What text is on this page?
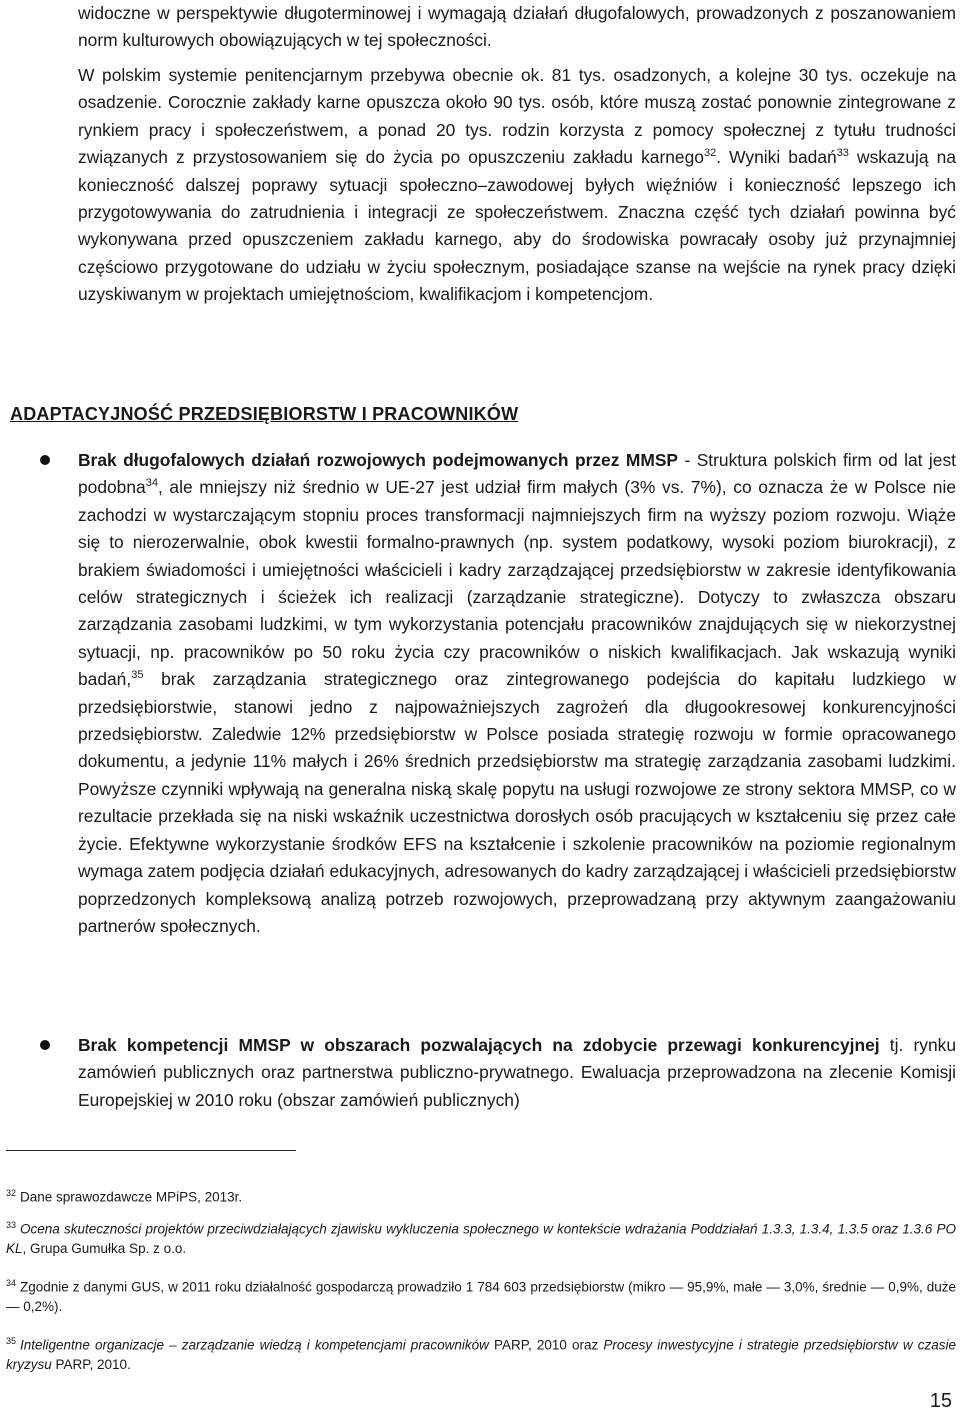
widoczne w perspektywie długoterminowej i wymagają działań długofalowych, prowadzonych z poszanowaniem norm kulturowych obowiązujących w tej społeczności.

W polskim systemie penitencjarnym przebywa obecnie ok. 81 tys. osadzonych, a kolejne 30 tys. oczekuje na osadzenie. Corocznie zakłady karne opuszcza około 90 tys. osób, które muszą zostać ponownie zintegrowane z rynkiem pracy i społeczeństwem, a ponad 20 tys. rodzin korzysta z pomocy społecznej z tytułu trudności związanych z przystosowaniem się do życia po opuszczeniu zakładu karnego$^{32}$. Wyniki badań$^{33}$ wskazują na konieczność dalszej poprawy sytuacji społeczno–zawodowej byłych więźniów i konieczność lepszego ich przygotowywania do zatrudnienia i integracji ze społeczeństwem. Znaczna część tych działań powinna być wykonywana przed opuszczeniem zakładu karnego, aby do środowiska powracały osoby już przynajmniej częściowo przygotowane do udziału w życiu społecznym, posiadające szanse na wejście na rynek pracy dzięki uzyskiwanym w projektach umiejętnościom, kwalifikacjom i kompetencjom.

ADAPTACYJNOŚĆ PRZEDSIĘBIORSTW I PRACOWNIKÓW

Brak długofalowych działań rozwojowych podejmowanych przez MMSP - Struktura polskich firm od lat jest podobna$^{34}$, ale mniejszy niż średnio w UE-27 jest udział firm małych (3% vs. 7%), co oznacza że w Polsce nie zachodzi w wystarczającym stopniu proces transformacji najmniejszych firm na wyższy poziom rozwoju. Wiąże się to nierozerwalnie, obok kwestii formalno-prawnych (np. system podatkowy, wysoki poziom biurokracji), z brakiem świadomości i umiejętności właścicieli i kadry zarządzającej przedsiębiorstw w zakresie identyfikowania celów strategicznych i ścieżek ich realizacji (zarządzanie strategiczne). Dotyczy to zwłaszcza obszaru zarządzania zasobami ludzkimi, w tym wykorzystania potencjału pracowników znajdujących się w niekorzystnej sytuacji, np. pracowników po 50 roku życia czy pracowników o niskich kwalifikacjach. Jak wskazują wyniki badań,$^{35}$ brak zarządzania strategicznego oraz zintegrowanego podejścia do kapitału ludzkiego w przedsiębiorstwie, stanowi jedno z najpoważniejszych zagrożeń dla długookresowej konkurencyjności przedsiębiorstw. Zaledwie 12% przedsiębiorstw w Polsce posiada strategię rozwoju w formie opracowanego dokumentu, a jedynie 11% małych i 26% średnich przedsiębiorstw ma strategię zarządzania zasobami ludzkimi. Powyższe czynniki wpływają na generalna niską skalę popytu na usługi rozwojowe ze strony sektora MMSP, co w rezultacie przekłada się na niski wskaźnik uczestnictwa dorosłych osób pracujących w kształceniu się przez całe życie. Efektywne wykorzystanie środków EFS na kształcenie i szkolenie pracowników na poziomie regionalnym wymaga zatem podjęcia działań edukacyjnych, adresowanych do kadry zarządzającej i właścicieli przedsiębiorstw poprzedzonych kompleksową analizą potrzeb rozwojowych, przeprowadzaną przy aktywnym zaangażowaniu partnerów społecznych.

Brak kompetencji MMSP w obszarach pozwalających na zdobycie przewagi konkurencyjnej tj. rynku zamówień publicznych oraz partnerstwa publiczno-prywatnego. Ewaluacja przeprowadzona na zlecenie Komisji Europejskiej w 2010 roku (obszar zamówień publicznych)

$^{32}$ Dane sprawozdawcze MPiPS, 2013r.

$^{33}$ Ocena skuteczności projektów przeciwdziałających zjawisku wykluczenia społecznego w kontekście wdrażania Poddziałań 1.3.3, 1.3.4, 1.3.5 oraz 1.3.6 PO KL, Grupa Gumułka Sp. z o.o.

$^{34}$ Zgodnie z danymi GUS, w 2011 roku działalność gospodarczą prowadziło 1 784 603 przedsiębiorstw (mikro — 95,9%, małe — 3,0%, średnie — 0,9%, duże — 0,2%).

$^{35}$ Inteligentne organizacje – zarządzanie wiedzą i kompetencjami pracowników PARP, 2010 oraz Procesy inwestycyjne i strategie przedsiębiorstw w czasie kryzysu PARP, 2010.

15
